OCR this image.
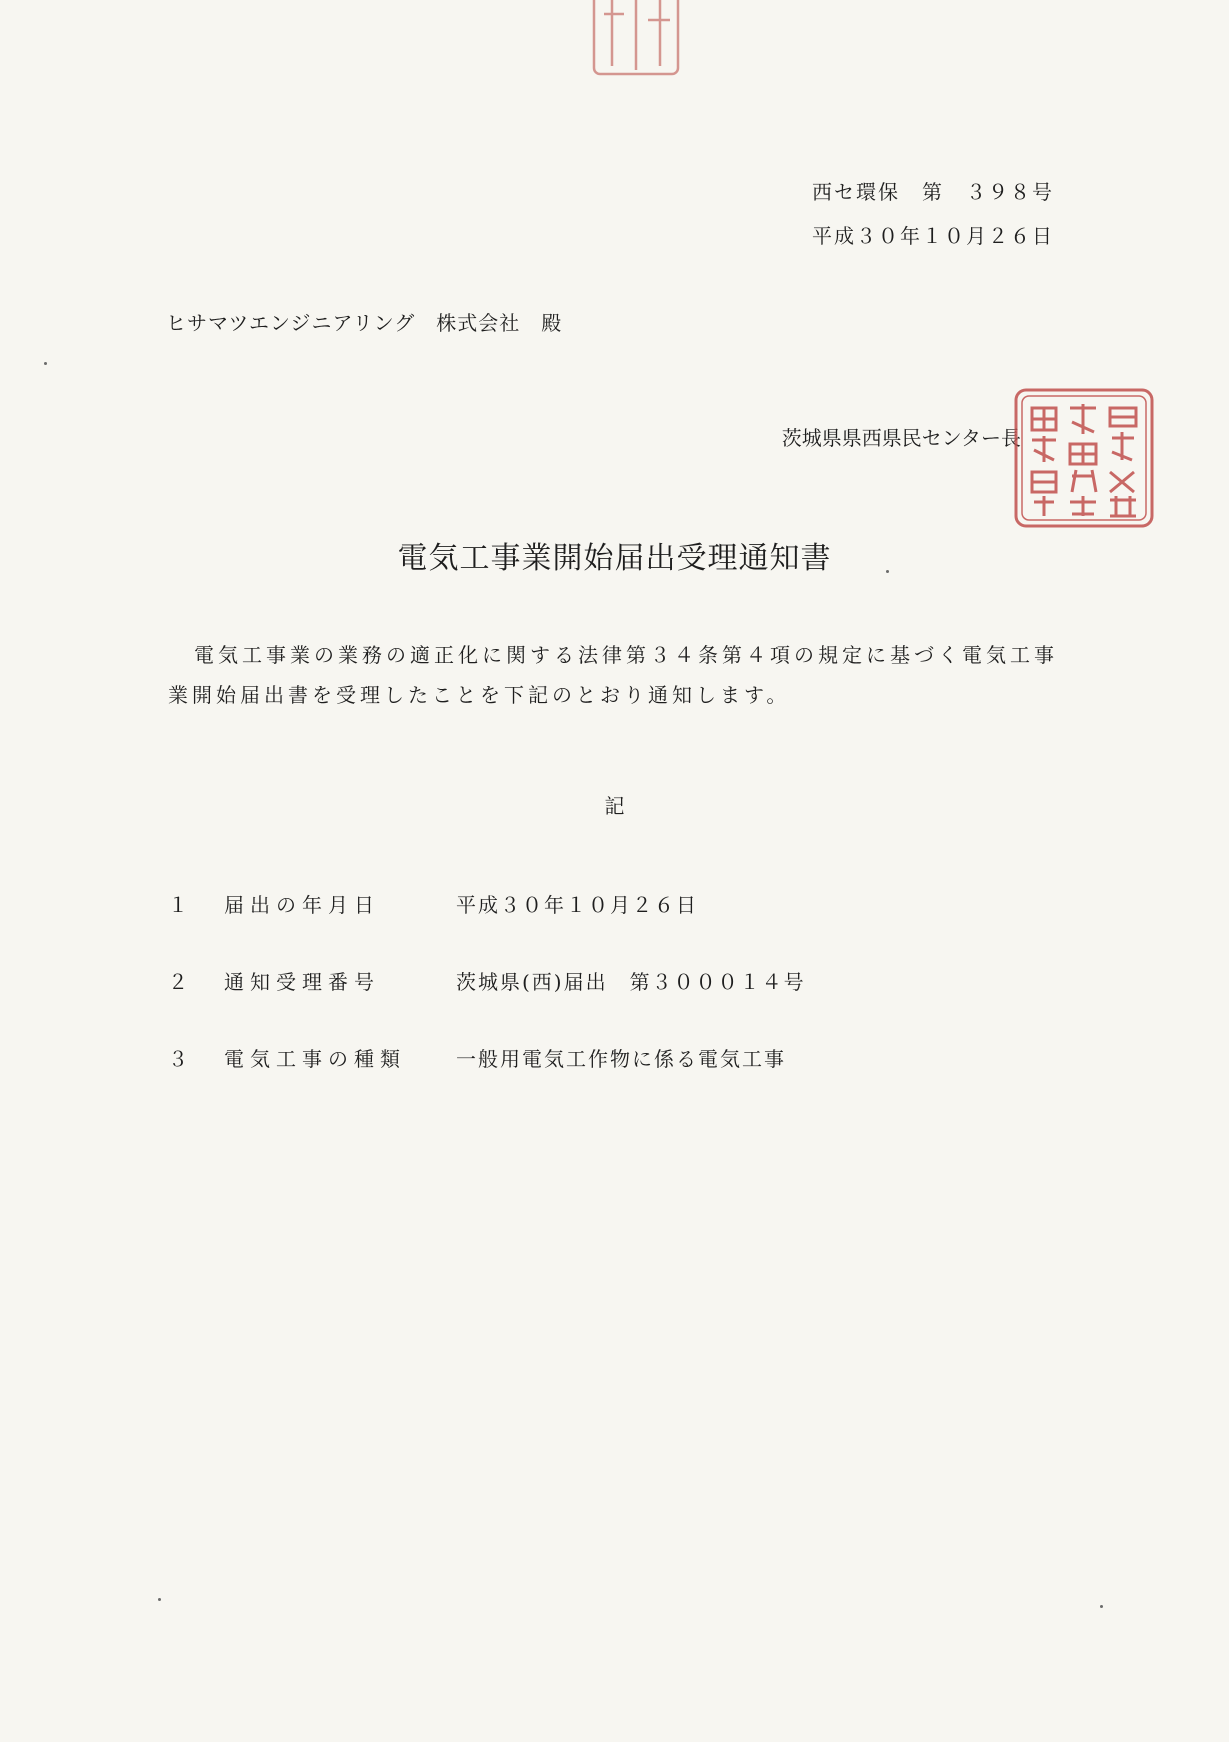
西セ環保　第　３９８号
平成３０年１０月２６日
ヒサマツエンジニアリング　株式会社　殿
茨城県県西県民センター長
電気工事業開始届出受理通知書
電気工事業の業務の適正化に関する法律第３４条第４項の規定に基づく電気工事
業開始届出書を受理したことを下記のとおり通知します。
記
１	届出の年月日	平成３０年１０月２６日
２	通知受理番号	茨城県(西)届出　第３０００１４号
３	電気工事の種類	一般用電気工作物に係る電気工事
